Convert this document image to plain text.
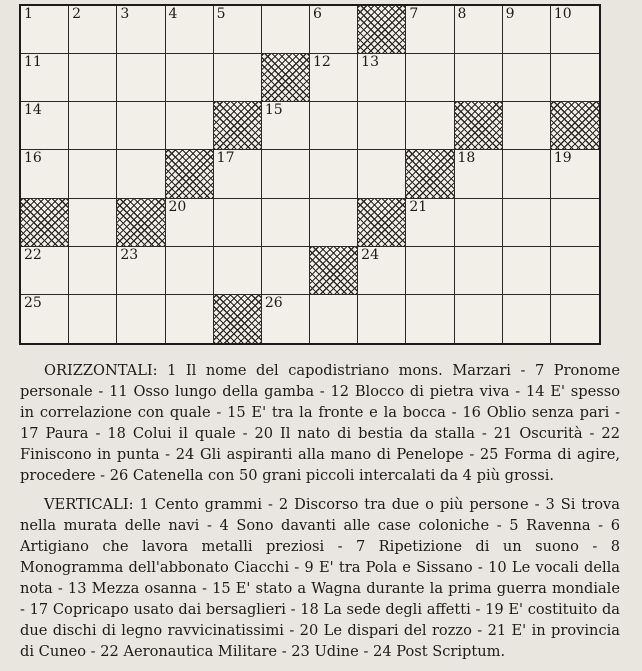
1	2	3	4	5	6	7	8	9	10
11	12 13
14	15
16	17	18	19
20	21
22	23	24
25	26

ORIZZONTALI: 1 Il nome del capodistriano mons. Marzari - 7 Pronome personale - 11 Osso lungo della gamba - 12 Blocco di pietra viva - 14 E' spesso in correlazione con quale - 15 E' tra la fronte e la bocca - 16 Oblio senza pari - 17 Paura - 18 Colui il quale - 20 Il nato di bestia da stalla - 21 Oscurità - 22 Finiscono in punta - 24 Gli aspiranti alla mano di Penelope - 25 Forma di agire, procedere - 26 Catenella con 50 grani piccoli intercalati da 4 più grossi.

VERTICALI: 1 Cento grammi - 2 Discorso tra due o più persone - 3 Si trova nella murata delle navi - 4 Sono davanti alle case coloniche - 5 Ravenna - 6 Artigiano che lavora metalli preziosi - 7 Ripetizione di un suono - 8 Monogramma dell'abbonato Ciacchi - 9 E' tra Pola e Sissano - 10 Le vocali della nota - 13 Mezza osanna - 15 E' stato a Wagna durante la prima guerra mondiale - 17 Copricapo usato dai bersaglieri - 18 La sede degli affetti - 19 E' costituito da due dischi di legno ravvicinatissimi - 20 Le dispari del rozzo - 21 E' in provincia di Cuneo - 22 Aeronautica Militare - 23 Udine - 24 Post Scriptum.
